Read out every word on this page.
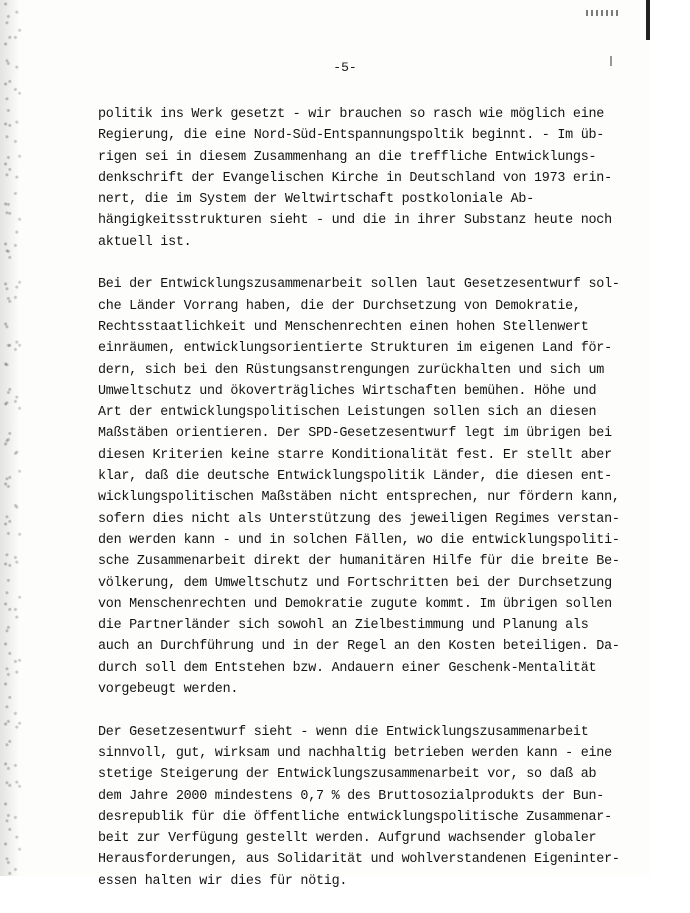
-5-
politik ins Werk gesetzt - wir brauchen so rasch wie möglich eine
Regierung, die eine Nord-Süd-Entspannungspoltik beginnt. - Im üb-
rigen sei in diesem Zusammenhang an die treffliche Entwicklungs-
denkschrift der Evangelischen Kirche in Deutschland von 1973 erin-
nert, die im System der Weltwirtschaft postkoloniale Ab-
hängigkeitsstrukturen sieht - und die in ihrer Substanz heute noch
aktuell ist.
Bei der Entwicklungszusammenarbeit sollen laut Gesetzesentwurf sol-
che Länder Vorrang haben, die der Durchsetzung von Demokratie,
Rechtsstaatlichkeit und Menschenrechten einen hohen Stellenwert
einräumen, entwicklungsorientierte Strukturen im eigenen Land för-
dern, sich bei den Rüstungsanstrengungen zurückhalten und sich um
Umweltschutz und ökoverträgliches Wirtschaften bemühen. Höhe und
Art der entwicklungspolitischen Leistungen sollen sich an diesen
Maßstäben orientieren. Der SPD-Gesetzesentwurf legt im übrigen bei
diesen Kriterien keine starre Konditionalität fest. Er stellt aber
klar, daß die deutsche Entwicklungspolitik Länder, die diesen ent-
wicklungspolitischen Maßstäben nicht entsprechen, nur fördern kann,
sofern dies nicht als Unterstützung des jeweiligen Regimes verstan-
den werden kann - und in solchen Fällen, wo die entwicklungspoliti-
sche Zusammenarbeit direkt der humanitären Hilfe für die breite Be-
völkerung, dem Umweltschutz und Fortschritten bei der Durchsetzung
von Menschenrechten und Demokratie zugute kommt. Im übrigen sollen
die Partnerländer sich sowohl an Zielbestimmung und Planung als
auch an Durchführung und in der Regel an den Kosten beteiligen. Da-
durch soll dem Entstehen bzw. Andauern einer Geschenk-Mentalität
vorgebeugt werden.
Der Gesetzesentwurf sieht - wenn die Entwicklungszusammenarbeit
sinnvoll, gut, wirksam und nachhaltig betrieben werden kann - eine
stetige Steigerung der Entwicklungszusammenarbeit vor, so daß ab
dem Jahre 2000 mindestens 0,7 % des Bruttosozialprodukts der Bun-
desrepublik für die öffentliche entwicklungspolitische Zusammenar-
beit zur Verfügung gestellt werden. Aufgrund wachsender globaler
Herausforderungen, aus Solidarität und wohlverstandenen Eigeninter-
essen halten wir dies für nötig.
